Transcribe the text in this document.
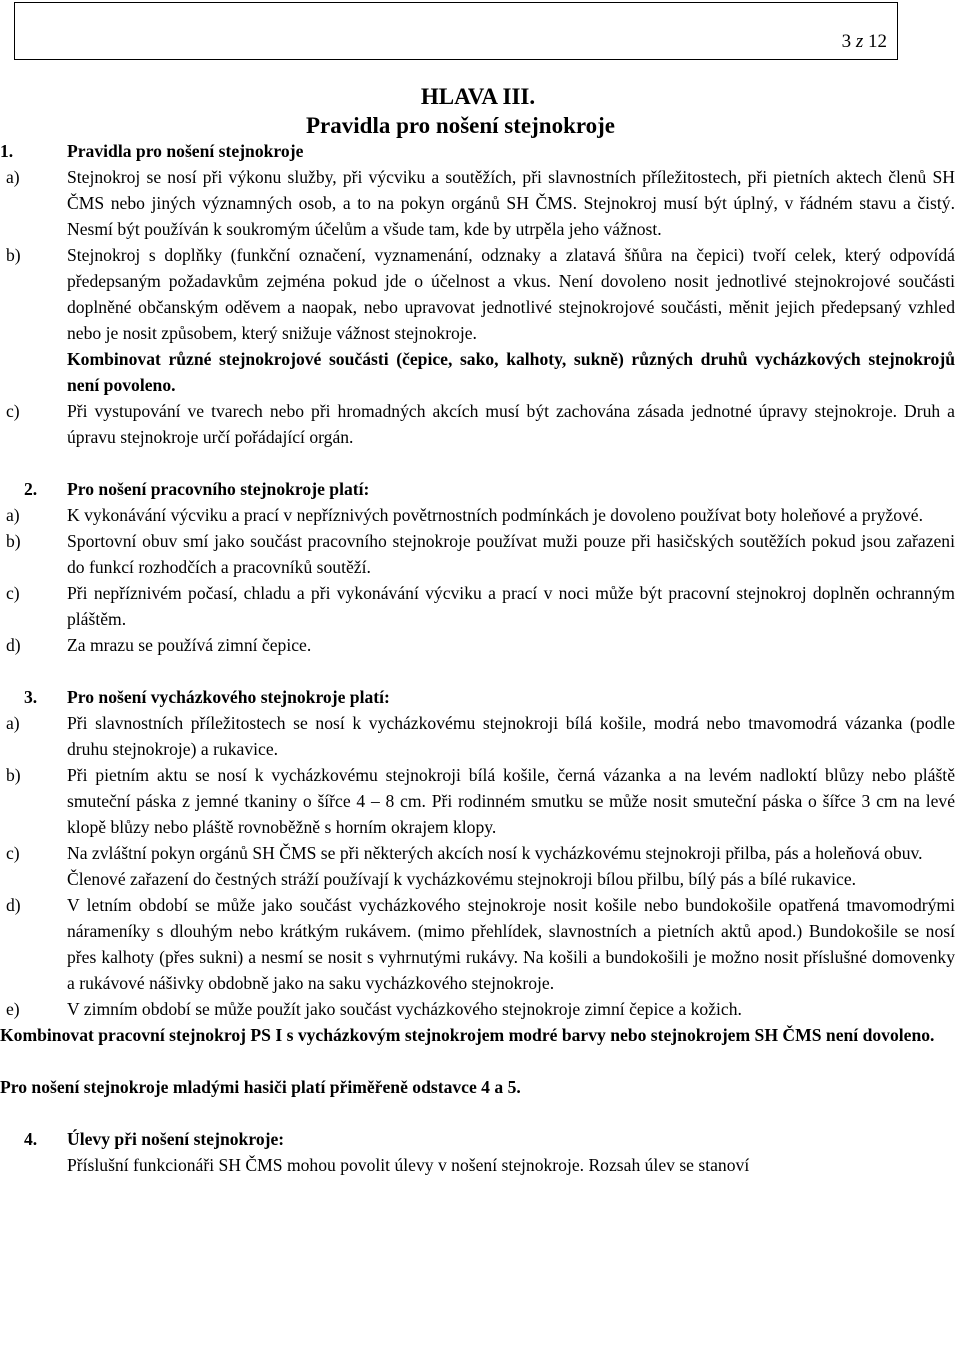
3 z 12
HLAVA III.
Pravidla pro nošení stejnokroje
1.	Pravidla pro nošení stejnokroje
a)	Stejnokroj se nosí při výkonu služby, při výcviku a soutěžích, při slavnostních příležitostech, při pietních aktech členů SH ČMS nebo jiných významných osob, a to na pokyn orgánů SH ČMS. Stejnokroj musí být úplný, v řádném stavu a čistý. Nesmí být používán k soukromým účelům a všude tam, kde by utrpěla jeho vážnost.

b)	Stejnokroj s doplňky (funkční označení, vyznamenání, odznaky a zlatavá šňůra na čepici) tvoří celek, který odpovídá předepsaným požadavkům zejména pokud jde o účelnost a vkus. Není dovoleno nosit jednotlivé stejnokrojové součásti doplněné občanským oděvem a naopak, nebo upravovat jednotlivé stejnokrojové součásti, měnit jejich předepsaný vzhled nebo je nosit způsobem, který snižuje vážnost stejnokroje.

Kombinovat různé stejnokrojové součásti (čepice, sako, kalhoty, sukně) různých druhů vycházkových stejnokrojů není povoleno.

c)	Při vystupování ve tvarech nebo při hromadných akcích musí být zachována zásada jednotné úpravy stejnokroje. Druh a úpravu stejnokroje určí pořádající orgán.

2.	Pro nošení pracovního stejnokroje platí:
a)	K vykonávání výcviku a prací v nepříznivých povětrnostních podmínkách je dovoleno používat boty holeňové a pryžové.

b)	Sportovní obuv smí jako součást pracovního stejnokroje používat muži pouze při hasičských soutěžích pokud jsou zařazeni do funkcí rozhodčích a pracovníků soutěží.

c)	Při nepříznivém počasí, chladu a při vykonávání výcviku a prací v noci může být pracovní stejnokroj doplněn ochranným pláštěm.

d)	Za mrazu se používá zimní čepice.

3.	Pro nošení vycházkového stejnokroje platí:
a)	Při slavnostních příležitostech se nosí k vycházkovému stejnokroji bílá košile, modrá nebo tmavomodrá vázanka (podle druhu stejnokroje) a rukavice.

b)	Při pietním aktu se nosí k vycházkovému stejnokroji bílá košile, černá vázanka a na levém nadloktí blůzy nebo pláště smuteční páska z jemné tkaniny o šířce 4 – 8 cm. Při rodinném smutku se může nosit smuteční páska o šířce 3 cm na levé klopě blůzy nebo pláště rovnoběžně s horním okrajem klopy.

c)	Na zvláštní pokyn orgánů SH ČMS se při některých akcích nosí k vycházkovému stejnokroji přilba, pás a holeňová obuv.

Členové zařazení do čestných stráží používají k vycházkovému stejnokroji bílou přilbu, bílý pás a bílé rukavice.

d)	V letním období se může jako součást vycházkového stejnokroje nosit košile nebo bundokošile opatřená tmavomodrými nárameníky s dlouhým nebo krátkým rukávem. (mimo přehlídek, slavnostních a pietních aktů apod.) Bundokošile se nosí přes kalhoty (přes sukni) a nesmí se nosit s vyhrnutými rukávy. Na košili a bundokošili je možno nosit příslušné domovenky a rukávové nášivky obdobně jako na saku vycházkového stejnokroje.

e)	V zimním období se může použít jako součást vycházkového stejnokroje zimní čepice a kožich.

Kombinovat pracovní stejnokroj PS I s vycházkovým stejnokrojem modré barvy nebo stejnokrojem SH ČMS není dovoleno.
Pro nošení stejnokroje mladými hasiči platí přiměřeně odstavce 4 a 5.
4.	Úlevy při nošení stejnokroje:
Příslušní funkcionáři SH ČMS mohou povolit úlevy v nošení stejnokroje. Rozsah úlev se stanoví
